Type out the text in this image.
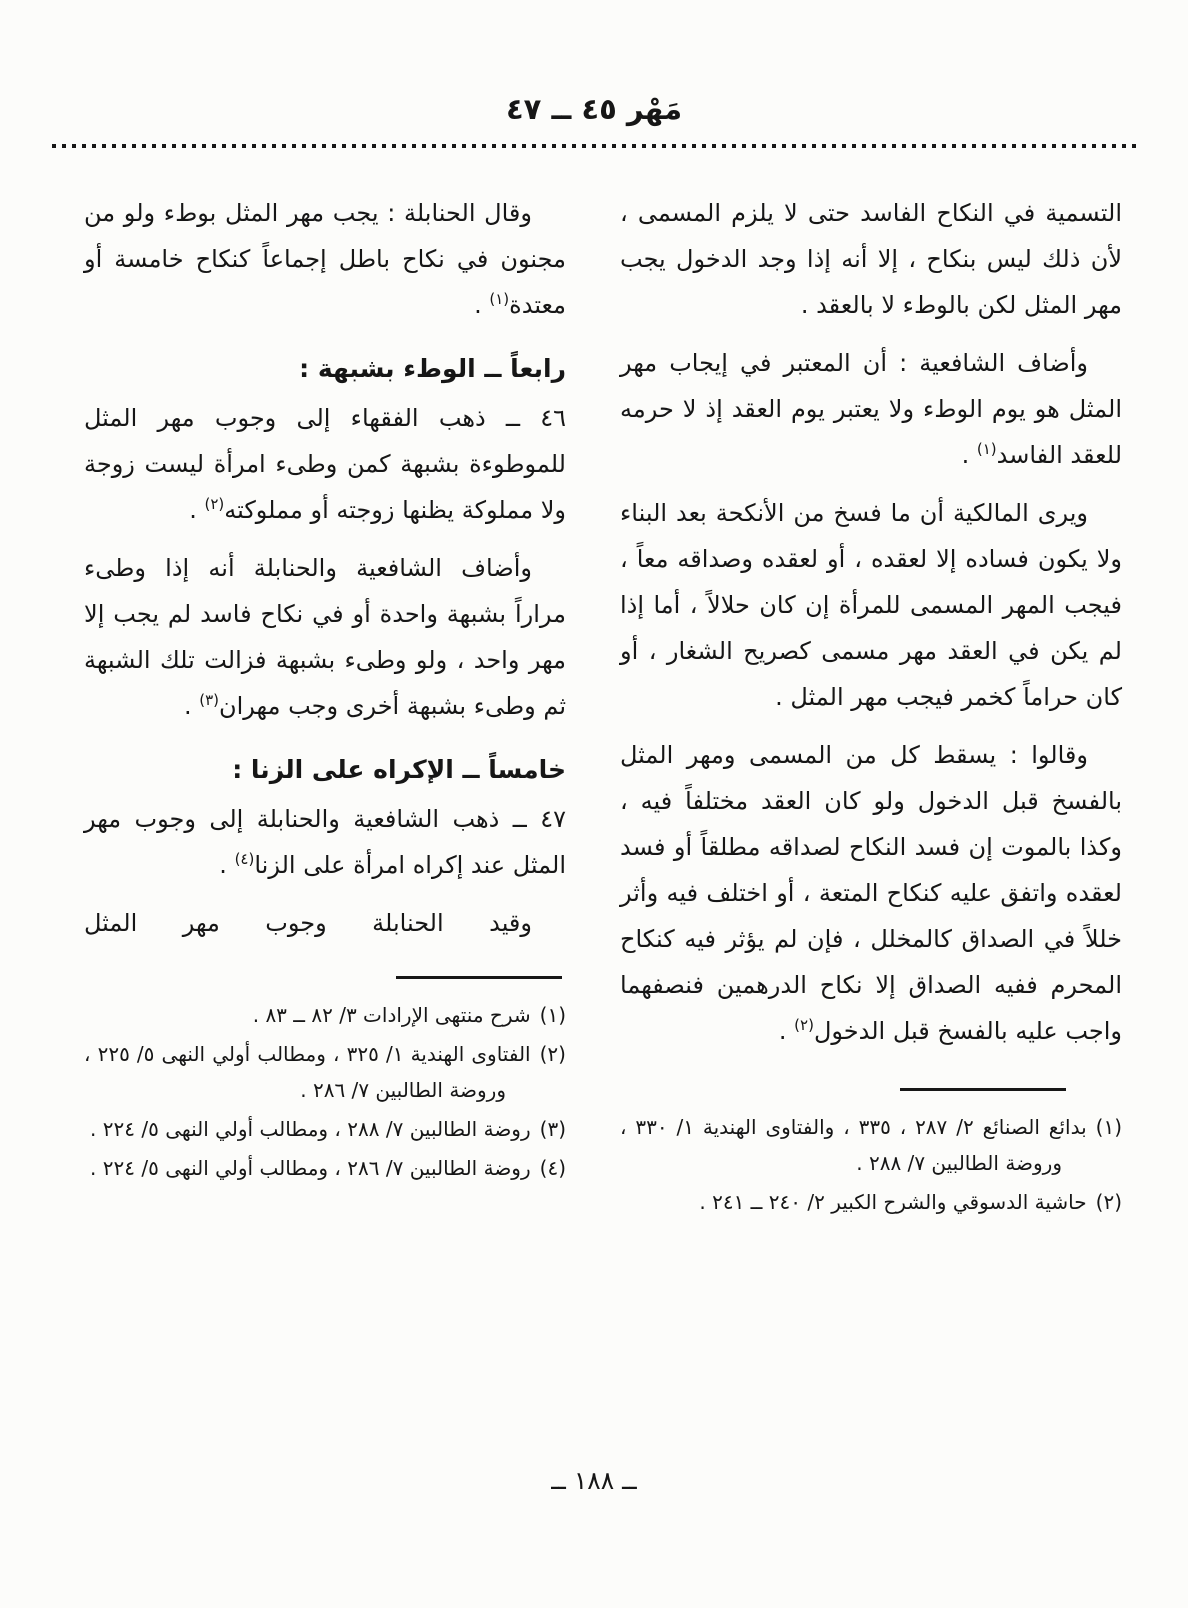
مَهْر ٤٥ ــ ٤٧

التسمية في النكاح الفاسد حتى لا يلزم المسمى ، لأن ذلك ليس بنكاح ، إلا أنه إذا وجد الدخول يجب مهر المثل لكن بالوطء لا بالعقد .

وأضاف الشافعية : أن المعتبر في إيجاب مهر المثل هو يوم الوطء ولا يعتبر يوم العقد إذ لا حرمه للعقد الفاسد$^{(١)}$ .

ويرى المالكية أن ما فسخ من الأنكحة بعد البناء ولا يكون فساده إلا لعقده ، أو لعقده وصداقه معاً ، فيجب المهر المسمى للمرأة إن كان حلالاً ، أما إذا لم يكن في العقد مهر مسمى كصريح الشغار ، أو كان حراماً كخمر فيجب مهر المثل .

وقالوا : يسقط كل من المسمى ومهر المثل بالفسخ قبل الدخول ولو كان العقد مختلفاً فيه ، وكذا بالموت إن فسد النكاح لصداقه مطلقاً أو فسد لعقده واتفق عليه كنكاح المتعة ، أو اختلف فيه وأثر خللاً في الصداق كالمخلل ، فإن لم يؤثر فيه كنكاح المحرم ففيه الصداق إلا نكاح الدرهمين فنصفهما واجب عليه بالفسخ قبل الدخول$^{(٢)}$ .

(١)بدائع الصنائع ٢/ ٢٨٧ ، ٣٣٥ ، والفتاوى الهندية ١/ ٣٣٠ ، وروضة الطالبين ٧/ ٢٨٨ .
(٢)حاشية الدسوقي والشرح الكبير ٢/ ٢٤٠ ــ ٢٤١ .

وقال الحنابلة : يجب مهر المثل بوطء ولو من مجنون في نكاح باطل إجماعاً كنكاح خامسة أو معتدة$^{(١)}$ .

رابعاً ــ الوطء بشبهة :

٤٦ ــ ذهب الفقهاء إلى وجوب مهر المثل للموطوءة بشبهة كمن وطىء امرأة ليست زوجة ولا مملوكة يظنها زوجته أو مملوكته$^{(٢)}$ .

وأضاف الشافعية والحنابلة أنه إذا وطىء مراراً بشبهة واحدة أو في نكاح فاسد لم يجب إلا مهر واحد ، ولو وطىء بشبهة فزالت تلك الشبهة ثم وطىء بشبهة أخرى وجب مهران$^{(٣)}$ .

خامساً ــ الإكراه على الزنا :

٤٧ ــ ذهب الشافعية والحنابلة إلى وجوب مهر المثل عند إكراه امرأة على الزنا$^{(٤)}$ .

وقيد الحنابلة وجوب مهر المثل

(١)شرح منتهى الإرادات ٣/ ٨٢ ــ ٨٣ .
(٢)الفتاوى الهندية ١/ ٣٢٥ ، ومطالب أولي النهى ٥/ ٢٢٥ ، وروضة الطالبين ٧/ ٢٨٦ .
(٣)روضة الطالبين ٧/ ٢٨٨ ، ومطالب أولي النهى ٥/ ٢٢٤ .
(٤)روضة الطالبين ٧/ ٢٨٦ ، ومطالب أولي النهى ٥/ ٢٢٤ .
ــ ١٨٨ ــ
